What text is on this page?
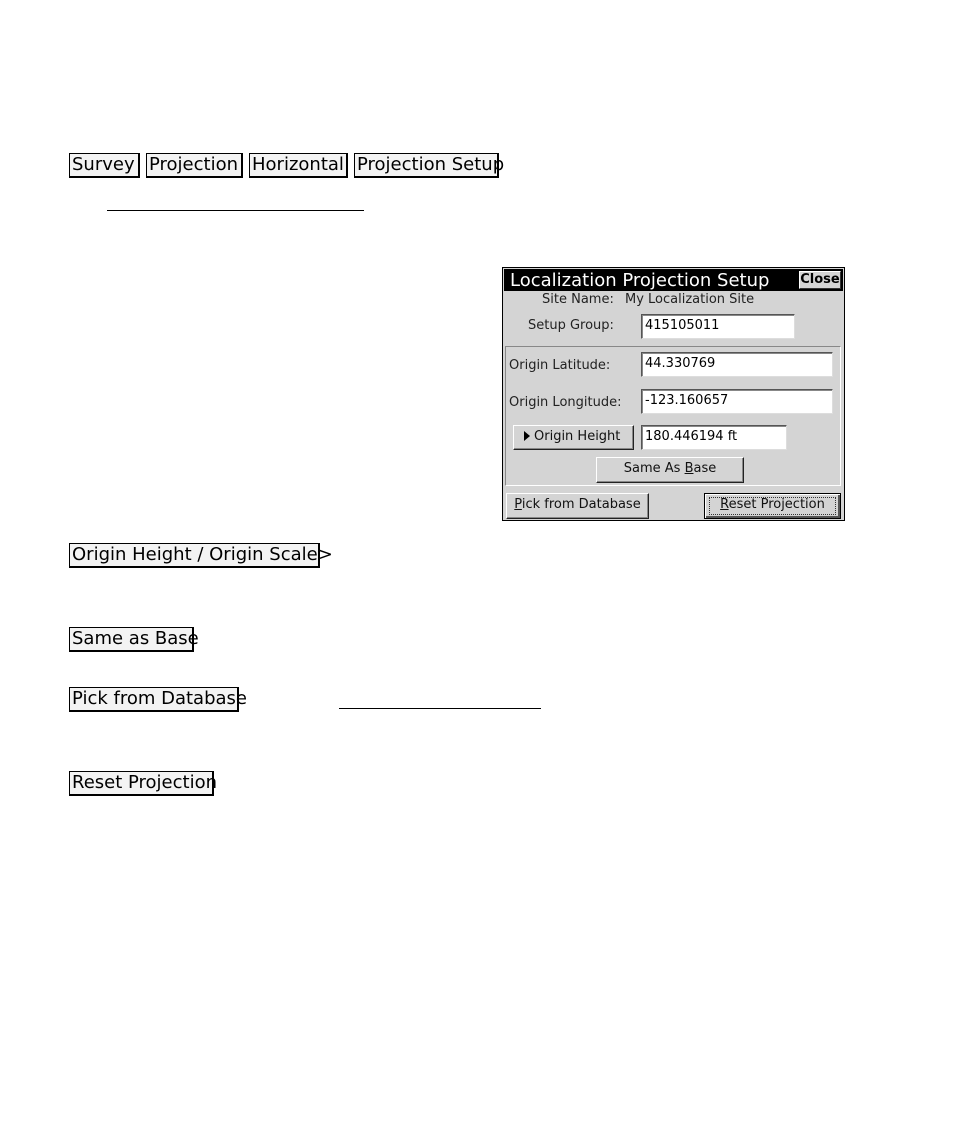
Survey Projection Horizontal Projection Setup
Localization Projection Setup Close
Site Name: My Localization Site
Setup Group:	415105011
Origin Latitude:	44.330769
Origin Longitude:	-123.160657
Origin Height	180.446194 ft
Same As Base
Pick from Database	Reset Projection
Origin Height / Origin Scale>
Same as Base
Pick from Database
Reset Projection
